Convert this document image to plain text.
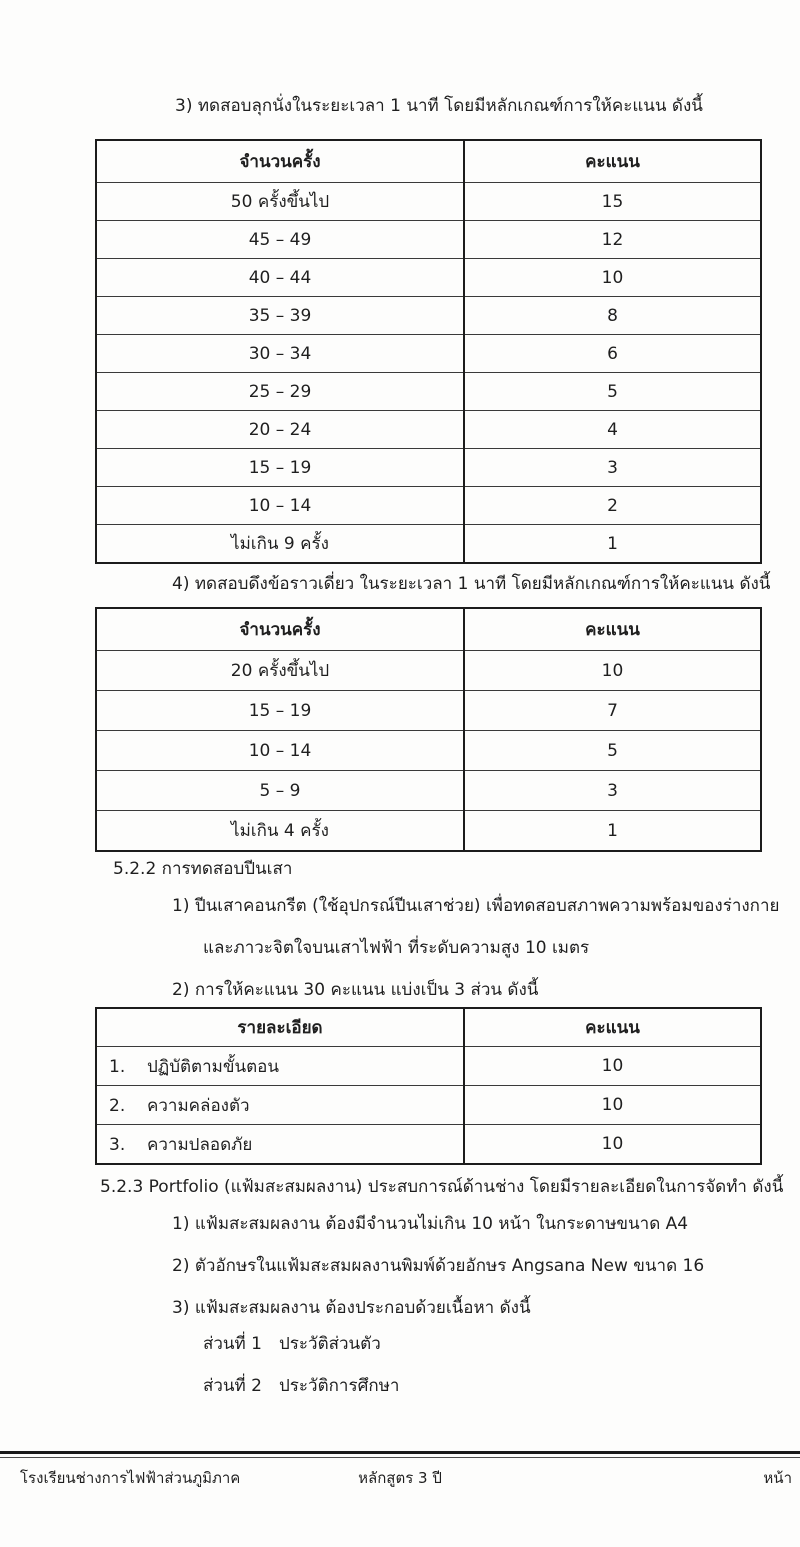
3) ทดสอบลุกนั่งในระยะเวลา 1 นาที โดยมีหลักเกณฑ์การให้คะแนน ดังนี้
จำนวนครั้ง	คะแนน
50 ครั้งขึ้นไป	15
45 – 49	12
40 – 44	10
35 – 39	8
30 – 34	6
25 – 29	5
20 – 24	4
15 – 19	3
10 – 14	2
ไม่เกิน 9 ครั้ง	1
4) ทดสอบดึงข้อราวเดี่ยว ในระยะเวลา 1 นาที โดยมีหลักเกณฑ์การให้คะแนน ดังนี้
จำนวนครั้ง	คะแนน
20 ครั้งขึ้นไป	10
15 – 19	7
10 – 14	5
5 – 9	3
ไม่เกิน 4 ครั้ง	1
5.2.2 การทดสอบปีนเสา
1) ปีนเสาคอนกรีต (ใช้อุปกรณ์ปีนเสาช่วย) เพื่อทดสอบสภาพความพร้อมของร่างกาย
และภาวะจิตใจบนเสาไฟฟ้า ที่ระดับความสูง 10 เมตร
2) การให้คะแนน 30 คะแนน แบ่งเป็น 3 ส่วน ดังนี้
รายละเอียด	คะแนน
1. ปฏิบัติตามขั้นตอน	10
2. ความคล่องตัว	10
3. ความปลอดภัย	10
5.2.3 Portfolio (แฟ้มสะสมผลงาน) ประสบการณ์ด้านช่าง โดยมีรายละเอียดในการจัดทำ ดังนี้
1) แฟ้มสะสมผลงาน ต้องมีจำนวนไม่เกิน 10 หน้า ในกระดาษขนาด A4
2) ตัวอักษรในแฟ้มสะสมผลงานพิมพ์ด้วยอักษร Angsana New ขนาด 16
3) แฟ้มสะสมผลงาน ต้องประกอบด้วยเนื้อหา ดังนี้
ส่วนที่ 1 ประวัติส่วนตัว
ส่วนที่ 2 ประวัติการศึกษา
โรงเรียนช่างการไฟฟ้าส่วนภูมิภาค	หลักสูตร 3 ปี	หน้า
